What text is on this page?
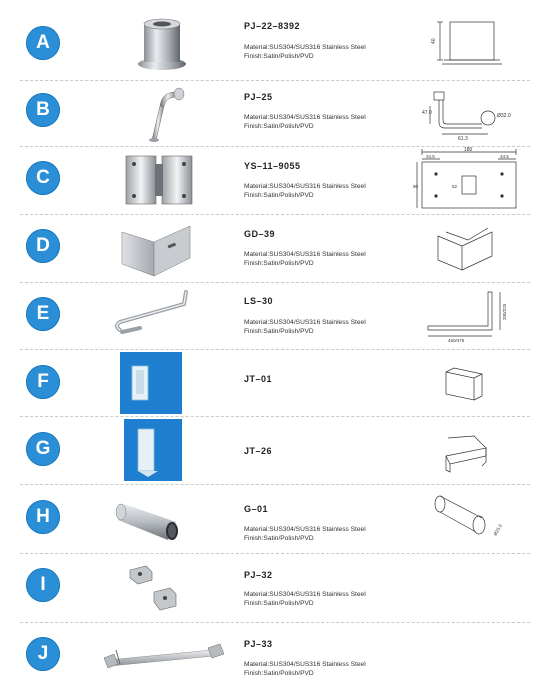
A
PJ–22–8392
Material:SUS304/SUS316 Stainless Steel
Finish:Satin/Polish/PVD
40
B
PJ–25
Material:SUS304/SUS316 Stainless Steel
Finish:Satin/Polish/PVD
47.0	Ø32.0
61.3
C
YS–11–9055
Material:SUS304/SUS316 Stainless Steel
Finish:Satin/Polish/PVD
180
34.5	34.5
90	52
D
GD–39
Material:SUS304/SUS316 Stainless Steel
Finish:Satin/Polish/PVD
E
LS–30
Material:SUS304/SUS316 Stainless Steel
Finish:Satin/Polish/PVD
450/475
200/225
F	JT–01
G	JT–26
H	G–01
Material:SUS304/SUS316 Stainless Steel
Finish:Satin/Polish/PVD
Ø25.0
I	PJ–32
Material:SUS304/SUS316 Stainless Steel
Finish:Satin/Polish/PVD
J	PJ–33
Material:SUS304/SUS316 Stainless Steel
Finish:Satin/Polish/PVD
